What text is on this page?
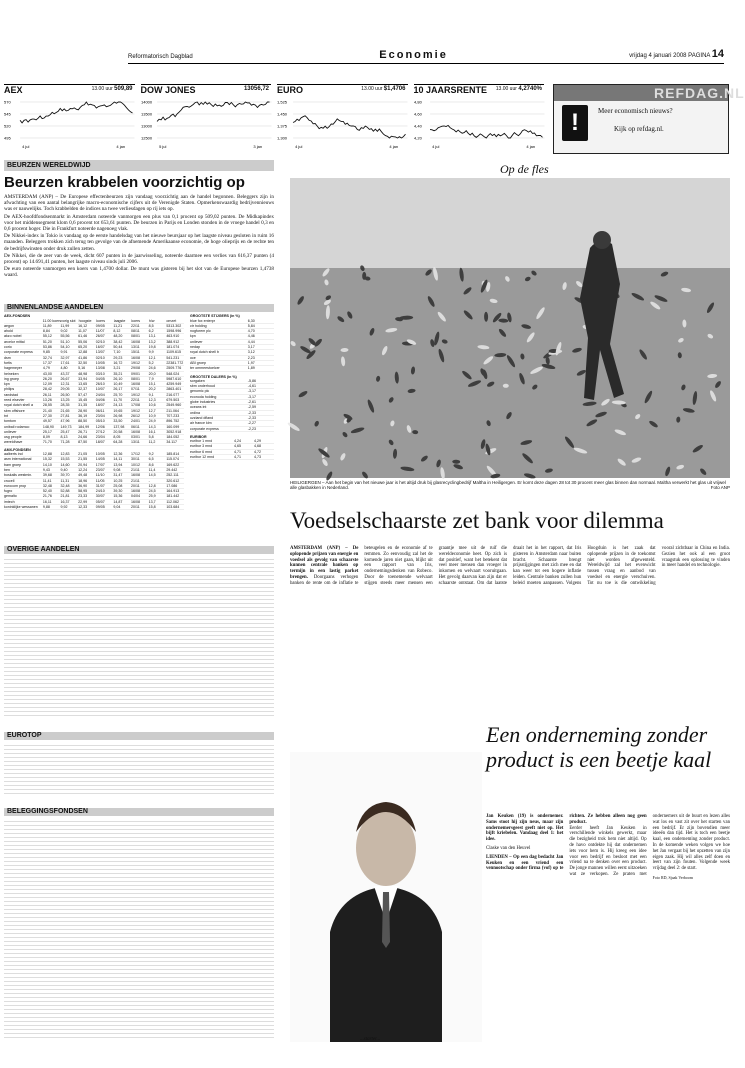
Reformatorisch Dagblad	Economie	vrijdag 4 januari 2008 PAGINA 14
AEX	13.00 uur 509,89
570
545
520
495
4 jul	4 jan
DOW JONES	13056,72
14000
13500
13000
12500
5 jul	3 jan
EURO	13.00 uur $1,4706
1,525
1,450
1,375
1,300
4 jul	4 jan
10 JAARSRENTE	13.00 uur 4,2740%
4,80
4,60
4,40
4,20
4 jul	4 jan
REFDAG.NL
!	Meer economisch nieuws?
Kijk op refdag.nl.
BEURZEN WERELDWIJD
Beurzen krabbelen voorzichtig op

AMSTERDAM (ANP) – De Europese effectenbeurzen zijn vandaag voorzichtig aan de handel begonnen. Beleggers zijn in afwachting van een aantal belangrijke macro-economische cijfers uit de Verenigde Staten. Opmerkenswaardig bedrijvennieuws was er nauwelijks. Toch krabbelden de indices na twee verliesdagen op rij iets op.

De AEX-hoofdfondsenmarkt in Amsterdam noteerde vanmorgen een plus van 0,1 procent op 509,02 punten. De Midkapindex voor het middensegment klom 0,6 procent tot 653,61 punten. De beurzen in Parijs en Londen stonden in de vroege handel 0,3 en 0,6 procent hoger. Die in Frankfurt noteerde nagenoeg vlak.

De Nikkei-index in Tokio is vandaag op de eerste handelsdag van het nieuwe beursjaar op het laagste niveau gesloten in ruim 16 maanden. Beleggers trokken zich terug ten gevolge van de afnemende Amerikaanse economie, de hoge olieprijs en de rechte ten de bedrijfswinsten onder druk zullen zetten.

De Nikkei, die de zeer van de week, dicht 607 punten in de jaarwisseling, noteerde daarmee een verlies van 616,37 punten (4 procent) op 14.691,41 punten, het laagste niveau sinds juli 2006.

De euro noteerde vanmorgen een koers van 1,4700 dollar. De munt was gisteren bij het slot van de Europese beurzen 1,4738 waard.

BINNENLANDSE AANDELEN
AEX-FONDSEN
11.00 koers vorig slot hoogste	koers	laagste	koers	h/w	omzet
aegon	11,89	11,99	16,12	09/05	11,21	22/11	8,5	5313.302
ahold	8,84	9,02	11,07	11/07	8,12	08/11	6,2	1598.996
akzo nobel	55,12	55,56	61,46	26/07	48,20	08/01	13,1	463.910
arcelor mittal	51,20	51,10	55,06	02/10	38,42	16/08	13,2	388.912
corio	53,86	54,10	65,20	16/07	50,44	13/11	19,8	181.074
corporate express	9,85	9,91	12,88	13/07	7,10	15/11	9,9	1109.615
dsm	32,74	32,97	41,86	02/10	29,23	16/08	12,1	541.231
fortis	17,37	17,61	32,50	10/05	16,72	19/12	5,2	22381.772
hagemeyer	4,79	4,80	5,16	13/08	3,21	29/08	24,6	2509.776
heineken	43,00	43,37	48,98	03/10	35,21	09/01	20,0	548.024
ing groep	26,20	26,67	33,94	04/05	26,10	08/01	7,9	5987.610
kpn	12,09	12,31	13,65	26/10	10,49	16/08	15,1	4259.949
philips	28,42	29,05	32,37	10/07	26,17	07/11	20,2	2863.401
randstad	26,11	26,50	57,47	24/04	25,70	19/12	9,1	216.077
reed elsevier	13,26	13,25	15,45	04/06	11,70	22/11	12,3	679.503
royal dutch shell a	28,55	28,35	31,35	18/07	24,13	17/08	10,6	2549.960
sbm offshore	21,40	21,65	28,90	06/11	19,65	19/12	12,7	211.064
tnt	27,30	27,81	36,19	23/04	26,98	26/12	10,9	707.233
tomtom	49,57	47,96	88,50	05/10	33,50	24/01	24,9	896.752
unibail rodamco	148,90	149,73	184,99	12/06	137,98	06/11	14,3	160.099
unilever	25,17	25,47	26,71	27/12	20,58	16/08	16,1	3052.918
usg people	8,09	8,13	24,66	23/04	8,05	03/01	5,8	184.052
wereldhave	71,70	71,28	87,50	18/07	64,28	13/11	11,2	34.117
AMX-FONDSEN
aalberts ind	12,88	12,83	21,05	10/05	12,36	17/12	9,2	185.814
asm international	15,32	15,53	21,55	14/05	14,11	30/11	6,5	115.074
bam groep	14,10	14,60	20,94	17/07	13,94	10/12	8,6	169.622
ben	9,43	9,40	12,24	23/07	9,08	21/11	11,4	29.442
boskalis westmin.	39,68	39,70	49,48	11/10	31,47	16/08	14,5	252.111
crucell	11,41	11,31	18,96	11/05	10,25	21/11	-	320.612
eurocom prop	32,48	32,48	36,90	31/07	25,08	20/11	12,8	17.086
fugro	52,40	52,88	58,95	24/10	39,30	16/08	24,5	164.913
gemalto	21,76	21,81	23,33	30/07	15,36	04/04	25,9	181.442
imtech	16,11	16,37	22,99	05/07	14,87	16/08	13,7	112.062
koninklijke wessanen	9,88	9,92	12,33	09/05	9,04	20/11	15,8	103.684
GROOTSTE STIJGERS (in %)
blue fox enterpr	6,30
ctr holding	5,84
nogforem plc	4,70
kpn	4,46
unilever	4,44
nedap	3,17
royal dutch shell b	3,12
oce	2,23
ABI groep	1,97
ter ommeestoelcer	1,89
GROOTSTE DALERS (in %)
sorgaken	-5,86
sbm onderhoud	-4,61
genomic plc	-3,17
econoda holding	-3,17
globe industries	-2,61
oceans int	-2,59
ordina	-2,33
uzzland dfland	-2,33
air france klm	-2,27
corporate express	-2,23
EURIBOR
euribor 1 mnd	4,24	4,29
euribor 3 mnd	4,65	4,68
euribor 6 mnd	4,71	4,72
euribor 12 mnd	4,71	4,73
OVERIGE AANDELEN
EUROTOP
BELEGGINGSFONDSEN
Op de fles
HEILIGERGEN – Aan het begin van het nieuwe jaar is het altijd druk bij glasrecyclingbedrijf Maltha in Heiligergen. Er komt deze dagen 28 tot 30 procent meer glas binnen dan normaal. Maltha verwerkt het glas uit vrijwel alle glasbakken in Nederland.	Foto ANP
Voedselschaarste zet bank voor dilemma
AMSTERDAM (ANP) – De oplopende prijzen van energie en voedsel als gevolg van schaarste kunnen centrale banken op termijn in een lastig parket brengen. Doorgaans verhogen banken de rente om de inflatie te beteugelen en de economie af te remmen. Zo eenvoudig zal het de komende jaren niet gaan, blijkt uit een rapport van Iris, ondernemingsdenken van Robeco. Door de toenemende welvaart stijgen steeds meer mensen een graantje mee uit de ruif die wereldeconomie heet. Op zich is dat positief, want het betekent dat veel meer mensen dan vroeger in inkomen en welvaart vooruitgaan. Het gevolg daarvan kan zijn dat er schaarste ontstaat. Om dat laatste draait het in het rapport, dat Iris gisteren in Amsterdam naar buiten bracht. Schaarste brengt prijsstijgingen met zich mee en dat kan weer tot een hogere inflatie leiden. Centrale banken zullen hun beleid moeten aanpassen. Volgens Hoogduin is het zaak dat oplopende prijzen in de toekomst niet worden afgewenteld. Wereldwijd zal het evenwicht tussen vraag en aanbod van voedsel en energie verschuiven. Tot nu toe is die ontwikkeling vooral zichtbaar in China en India. Gezien het ook al een groot vraagstuk een oplossing te vinden in meer handel en technologie.
...starter...
Een onderneming zonder product is een beetje kaal

Jan Keuken (19) is ondernemer. Sams stoot hij zijn neus, maar zijn ondernemersgeest geeft niet op. Het bijft kriebelen. Vandaag deel 1: het idee.

Claske van den Heuvel

LIENDEN – Op een dag bedacht Jan Keuken en een vriend een vennootschap onder firma (vof) op te richten. Ze hebben alleen nog geen product.

Eerder heeft Jan Keuken in verschillende winkels gewerkt, maar die bezigheid trok hem niet altijd. Op de havo ontdekte hij dat ondernemen iets voor hem is. Hij kreeg een idee voor een bedrijf en besloot met een vriend na te denken over een product. De jonge mannen willen eerst uitzoeken wat ze verkopen. Ze praten met ondernemers uit de buurt en lezen alles wat los en vast zit over het starten van een bedrijf. Er zijn bovendien meer ideeën dan tijd. Het is toch een beetje kaal, een onderneming zonder product. In de komende weken volgen we hoe het Jan vergaat bij het opzetten van zijn eigen zaak. Hij wil alles zelf doen en leert van zijn fouten. Volgende week vrijdag deel 2: de start.

Foto RD, Sjaak Verboom
